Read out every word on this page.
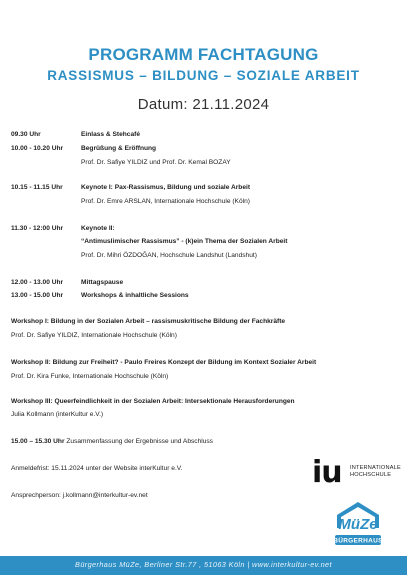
PROGRAMM FACHTAGUNG
RASSISMUS – BILDUNG – SOZIALE ARBEIT
Datum: 21.11.2024
09.30 Uhr	Einlass & Stehcafé
10.00 - 10.20 Uhr	Begrüßung & Eröffnung
Prof. Dr. Safiye YILDIZ und Prof. Dr. Kemal BOZAY
10.15 - 11.15 Uhr	Keynote I: Pax-Rassismus, Bildung und soziale Arbeit
Prof. Dr. Emre ARSLAN, Internationale Hochschule (Köln)
11.30 - 12:00 Uhr	Keynote II:
“Antimuslimischer Rassismus” - (k)ein Thema der Sozialen Arbeit
Prof. Dr. Mihri ÖZDOĞAN, Hochschule Landshut (Landshut)
12.00 - 13.00 Uhr	Mittagspause
13.00 - 15.00 Uhr	Workshops & inhaltliche Sessions
Workshop I: Bildung in der Sozialen Arbeit – rassismuskritische Bildung der Fachkräfte
Prof. Dr. Safiye YILDIZ, Internationale Hochschule (Köln)
Workshop II: Bildung zur Freiheit? - Paulo Freires Konzept der Bildung im Kontext Sozialer Arbeit
Prof. Dr. Kira Funke, Internationale Hochschule (Köln)
Workshop III: Queerfeindlichkeit in der Sozialen Arbeit: Intersektionale Herausforderungen
Julia Kollmann (interKultur e.V.)
15.00 – 15.30 Uhr Zusammenfassung der Ergebnisse und Abschluss
Anmeldefrist: 15.11.2024 unter der Website interKultur e.V.
Ansprechperson: j.kollmann@interkultur-ev.net
iu INTERNATIONALE
HOCHSCHULE
MüZe
BÜRGERHAUS
Bürgerhaus MüZe, Berliner Str.77 , 51063 Köln | www.interkultur-ev.net
